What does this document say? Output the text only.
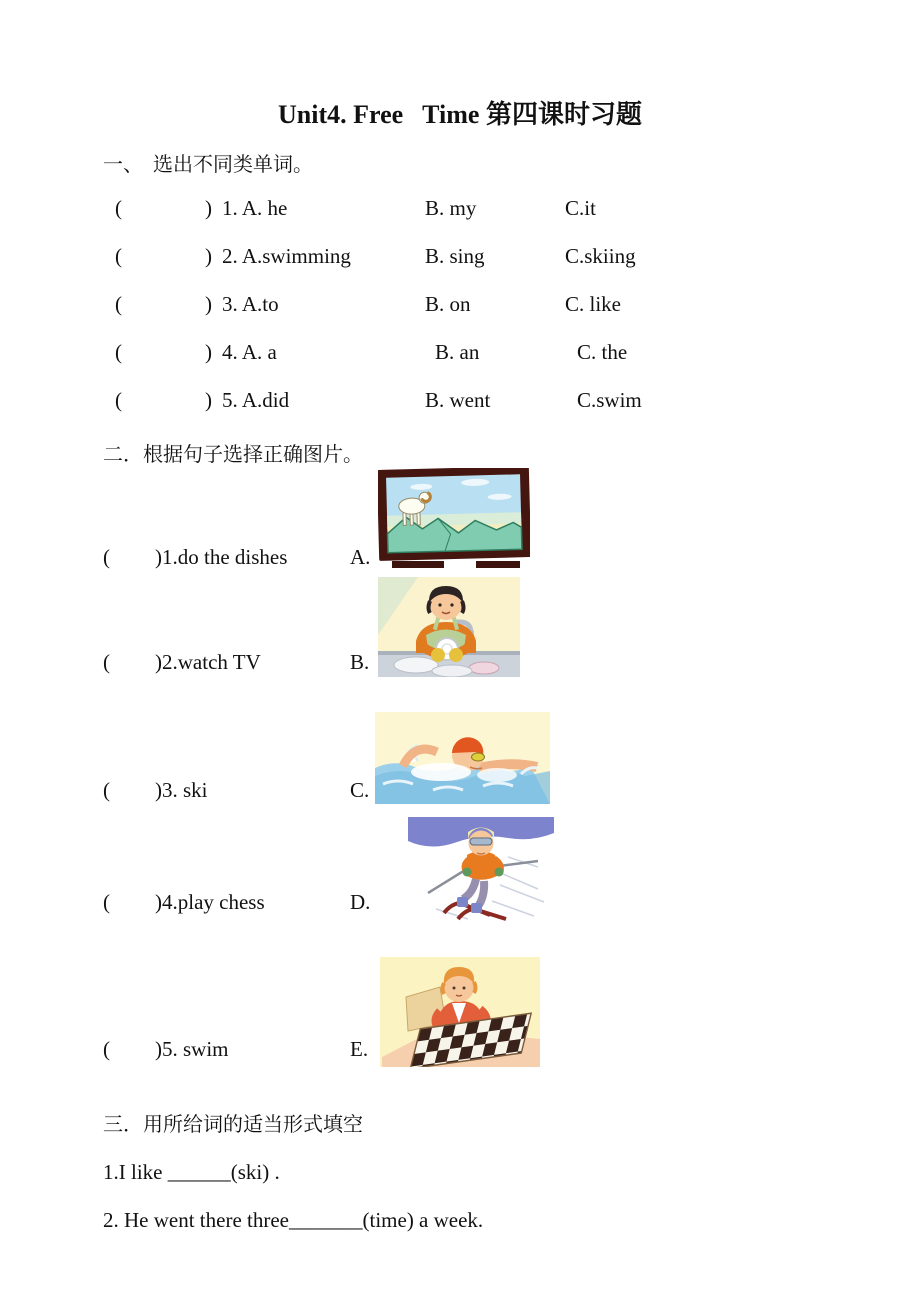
Unit4. Free   Time 第四课时习题
一、  选出不同类单词。
(	) 1. A. he	B. my	C.it
(	) 2. A.swimming	B. sing	C.skiing
(	) 3. A.to	B. on	C. like
(	) 4. A. a	B. an	C. the
(	) 5. A.did	B. went	C.swim
二．根据句子选择正确图片。
( )1.do the dishes	A.
( )2.watch TV	B.
( )3. ski	C.
( )4.play chess	D.
( )5. swim	E.
三．用所给词的适当形式填空
1.I like ______(ski) .
2. He went there three_______(time) a week.
